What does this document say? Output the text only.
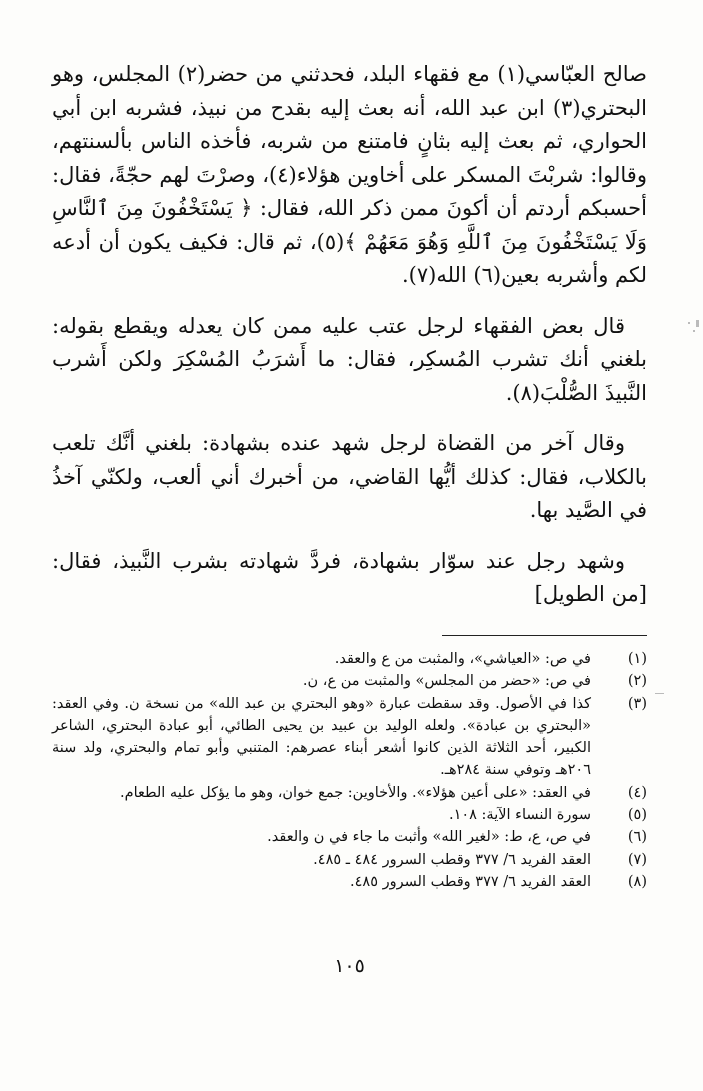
صالح العبّاسي(١) مع فقهاء البلد، فحدثني من حضر(٢) المجلس، وهو البحتري(٣) ابن عبد الله، أنه بعث إليه بقدح من نبيذ، فشربه ابن أبي الحواري، ثم بعث إليه بثانٍ فامتنع من شربه، فأخذه الناس بألسنتهم، وقالوا: شربْتَ المسكر على أخاوين هؤلاء(٤)، وصرْتَ لهم حجّةً، فقال: أحسبكم أردتم أن أكونَ ممن ذكر الله، فقال: ﴿ يَسْتَخْفُونَ مِنَ ٱلنَّاسِ وَلَا يَسْتَخْفُونَ مِنَ ٱللَّهِ وَهُوَ مَعَهُمْ ﴾(٥)، ثم قال: فكيف يكون أن أدعه لكم وأشربه بعين(٦) الله(٧).

قال بعض الفقهاء لرجل عتب عليه ممن كان يعدله ويقطع بقوله: بلغني أنك تشرب المُسكِر، فقال: ما أَشرَبُ المُسْكِرَ ولكن أَشرب النَّبيذَ الصُّلْبَ(٨).

وقال آخر من القضاة لرجل شهد عنده بشهادة: بلغني أنَّك تلعب بالكلاب، فقال: كذلك أيُّها القاضي، من أخبرك أني ألعب، ولكنّي آخذُ في الصَّيد بها.

وشهد رجل عند سوّار بشهادة، فردَّ شهادته بشرب النَّبيذ، فقال: [من الطويل]

(١)
في ص: «العياشي»، والمثبت من ع والعقد.
(٢)
في ص: «حضر من المجلس» والمثبت من ع، ن.
(٣)
كذا في الأصول. وقد سقطت عبارة «وهو البحتري بن عبد الله» من نسخة ن. وفي العقد: «البحتري بن عبادة». ولعله الوليد بن عبيد بن يحيى الطائي، أبو عبادة البحتري، الشاعر الكبير، أحد الثلاثة الذين كانوا أشعر أبناء عصرهم: المتنبي وأبو تمام والبحتري، ولد سنة ٢٠٦هـ وتوفي سنة ٢٨٤هـ.
(٤)
في العقد: «على أعين هؤلاء». والأخاوين: جمع خوان، وهو ما يؤكل عليه الطعام.
(٥)
سورة النساء الآية: ١٠٨.
(٦)
في ص، ع، ط: «لغير الله» وأثبت ما جاء في ن والعقد.
(٧)
العقد الفريد ٦/ ٣٧٧ وقطب السرور ٤٨٤ ـ ٤٨٥.
(٨)
العقد الفريد ٦/ ٣٧٧ وقطب السرور ٤٨٥.
١٠٥
